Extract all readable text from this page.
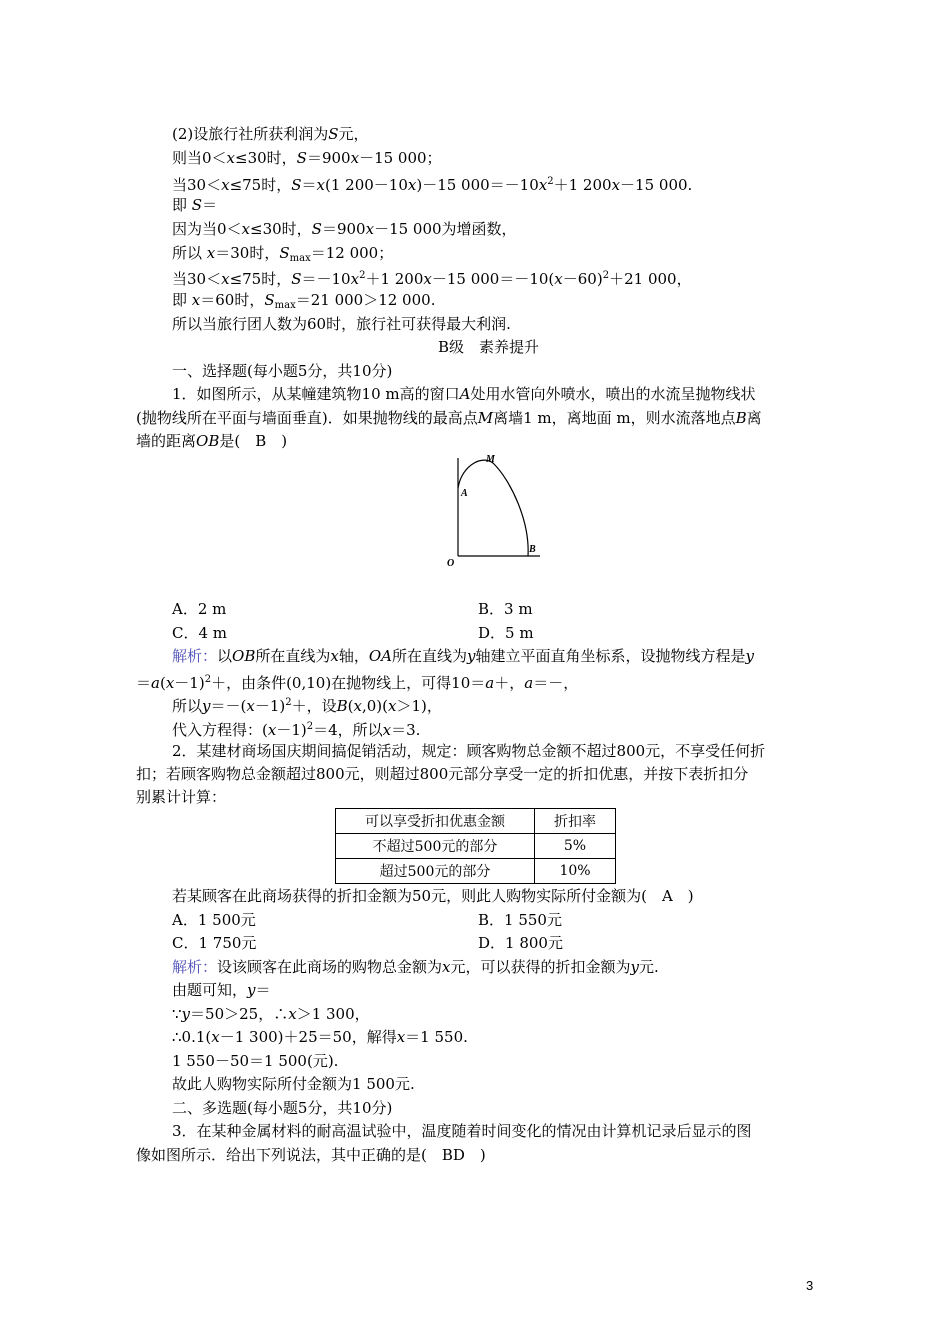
(2)设旅行社所获利润为S元，
则当0＜x≤30时，S＝900x－15 000；
当30＜x≤75时，S＝x(1 200－10x)－15 $000=-10x^2+1$ 200x－15 000.
即 S＝
因为当0＜x≤30时，S＝900x－15 000为增函数，
所以 x＝30时，$S_{max}=12$ 000；
当30＜x≤75时，$S=-10x^2+1$ 200x－15 $000=-10(x-60)^2+21$ 000，
即 x＝60时，$S_{max}=21$ 000＞12 000.
所以当旅行团人数为60时，旅行社可获得最大利润.
B级　素养提升
一、选择题(每小题5分，共10分)
1．如图所示，从某幢建筑物10 m高的窗口A处用水管向外喷水，喷出的水流呈抛物线状
(抛物线所在平面与墙面垂直)．如果抛物线的最高点M离墙1 m，离地面 m，则水流落地点B离
墙的距离OB是(　B　)
M
A
B
O
A．2 m	B．3 m
C．4 m	D．5 m
解析：以OB所在直线为x轴，OA所在直线为y轴建立平面直角坐标系，设抛物线方程是y
$=a(x-1)^2+$，由条件(0,10)在抛物线上，可得10＝a＋，a＝－，
所以$y=-(x-1)^2+$，设B(x,0)(x＞1)，
代入方程得：$(x-1)^2=4$，所以x＝3.
2．某建材商场国庆期间搞促销活动，规定：顾客购物总金额不超过800元，不享受任何折
扣；若顾客购物总金额超过800元，则超过800元部分享受一定的折扣优惠，并按下表折扣分
别累计计算：
可以享受折扣优惠金额	折扣率
不超过500元的部分	5%
超过500元的部分	10%
若某顾客在此商场获得的折扣金额为50元，则此人购物实际所付金额为(　A　)
A．1 500元	B．1 550元
C．1 750元	D．1 800元
解析：设该顾客在此商场的购物总金额为x元，可以获得的折扣金额为y元.
由题可知，y＝
∵y＝50＞25，∴x＞1 300，
∴0.1(x－1 300)＋25＝50，解得x＝1 550.
1 550－50＝1 500(元).
故此人购物实际所付金额为1 500元.
二、多选题(每小题5分，共10分)
3．在某种金属材料的耐高温试验中，温度随着时间变化的情况由计算机记录后显示的图
像如图所示．给出下列说法，其中正确的是(　BD　)
3
